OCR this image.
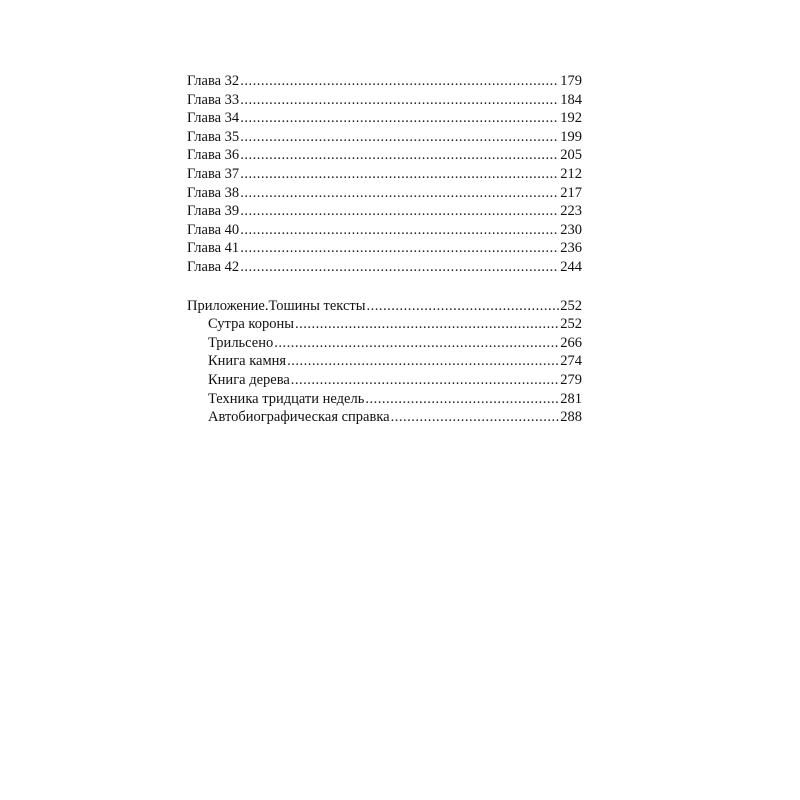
Глава 32 .....	179
Глава 33 .....	184
Глава 34 .....	192
Глава 35 .....	199
Глава 36 .....	205
Глава 37 .....	212
Глава 38 .....	217
Глава 39 .....	223
Глава 40 .....	230
Глава 41 .....	236
Глава 42 .....	244
Приложение.Тошины тексты .....	252
Сутра короны .....	252
Трильсено .....	266
Книга камня .....	274
Книга дерева .....	279
Техника тридцати недель .....	281
Автобиографическая справка .....	288
